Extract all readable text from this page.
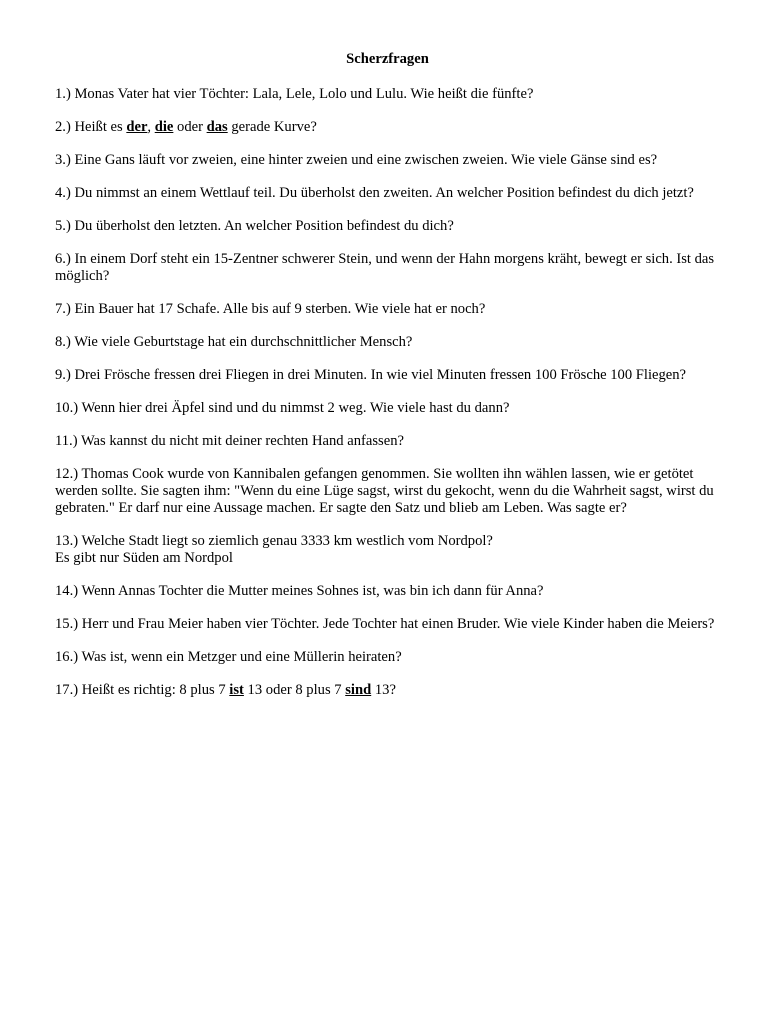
Scherzfragen
1.) Monas Vater hat vier Töchter: Lala, Lele, Lolo und Lulu. Wie heißt die fünfte?
2.) Heißt es der, die oder das gerade Kurve?
3.) Eine Gans läuft vor zweien, eine hinter zweien und eine zwischen zweien. Wie viele Gänse sind es?
4.) Du nimmst an einem Wettlauf teil. Du überholst den zweiten. An welcher Position befindest du dich jetzt?
5.) Du überholst den letzten. An welcher Position befindest du dich?
6.) In einem Dorf steht ein 15-Zentner schwerer Stein, und wenn der Hahn morgens kräht, bewegt er sich. Ist das möglich?
7.) Ein Bauer hat 17 Schafe. Alle bis auf 9 sterben. Wie viele hat er noch?
8.) Wie viele Geburtstage hat ein durchschnittlicher Mensch?
9.) Drei Frösche fressen drei Fliegen in drei Minuten. In wie viel Minuten fressen 100 Frösche 100 Fliegen?
10.) Wenn hier drei Äpfel sind und du nimmst 2 weg. Wie viele hast du dann?
11.) Was kannst du nicht mit deiner rechten Hand anfassen?
12.) Thomas Cook wurde von Kannibalen gefangen genommen. Sie wollten ihn wählen lassen, wie er getötet werden sollte. Sie sagten ihm: "Wenn du eine Lüge sagst, wirst du gekocht, wenn du die Wahrheit sagst, wirst du gebraten." Er darf nur eine Aussage machen. Er sagte den Satz und blieb am Leben. Was sagte er?
13.) Welche Stadt liegt so ziemlich genau 3333 km westlich vom Nordpol?
Es gibt nur Süden am Nordpol
14.) Wenn Annas Tochter die Mutter meines Sohnes ist, was bin ich dann für Anna?
15.) Herr und Frau Meier haben vier Töchter. Jede Tochter hat einen Bruder. Wie viele Kinder haben die Meiers?
16.) Was ist, wenn ein Metzger und eine Müllerin heiraten?
17.) Heißt es richtig: 8 plus 7 ist 13 oder 8 plus 7 sind 13?
